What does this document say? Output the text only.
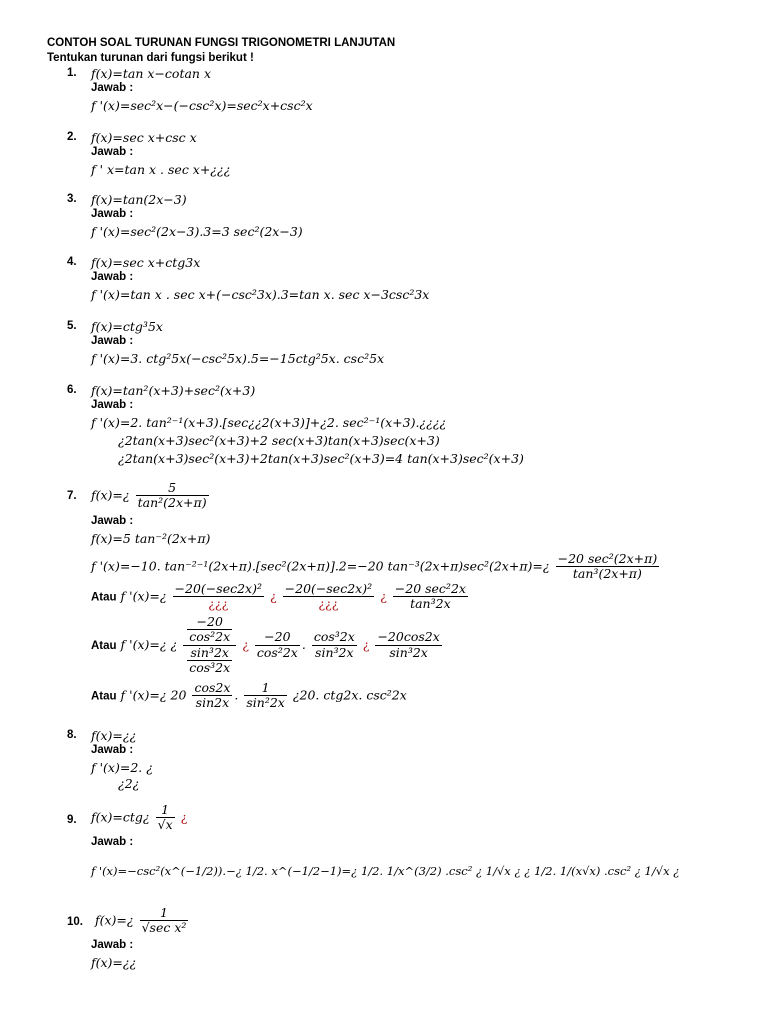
CONTOH SOAL TURUNAN FUNGSI TRIGONOMETRI LANJUTAN
Tentukan turunan dari fungsi berikut !
1. f(x)=tan x−cotan x
Jawab :
f '(x)=sec²x−(−csc²x)=sec²x+csc²x
2. f(x)=sec x+csc x
Jawab :
f ' x=tan x . sec x+¿¿¿
3. f(x)=tan(2x−3)
Jawab :
f '(x)=sec²(2x−3).3=3 sec²(2x−3)
4. f(x)=sec x+ctg3x
Jawab :
f '(x)=tan x . sec x+(−csc²3x).3=tan x. sec x−3csc²3x
5. f(x)=ctg³5x
Jawab :
f '(x)=3. ctg²5x(−csc²5x).5=−15ctg²5x. csc²5x
6. f(x)=tan²(x+3)+sec²(x+3)
Jawab :
f '(x)=2. tan²⁻¹(x+3).[sec¿¿2(x+3)]+¿2. sec²⁻¹(x+3).¿¿¿¿
¿2tan(x+3)sec²(x+3)+2 sec(x+3)tan(x+3)sec(x+3)
¿2tan(x+3)sec²(x+3)+2tan(x+3)sec²(x+3)=4 tan(x+3)sec²(x+3)
7. f(x)=¿ $\frac{5}{\text{tan²(2x+π)}}$
Jawab :
f(x)=5 tan⁻²(2x+π)
f '(x)=−10. tan⁻²⁻¹(2x+π).[sec²(2x+π)].2=−20 tan⁻³(2x+π)sec²(2x+π)=¿ $\frac{\text{−20 sec²(2x+π)}}{\text{tan³(2x+π)}}$
Atau f '(x)=¿ $\frac{\text{−20(−sec2x)²}}{¿¿¿}$ ¿ $\frac{\text{−20(−sec2x)²}}{¿¿¿}$ ¿ $\frac{\text{−20 sec²2x}}{\text{tan³2x}}$
Atau f '(x)=¿ ¿ $\frac{\frac{-20}{\text{cos²2x}}}{\frac{\text{sin³2x}}{\text{cos³2x}}}$ ¿ $\frac{-20}{\text{cos²2x}}$ . $\frac{\text{cos³2x}}{\text{sin³2x}}$ ¿ $\frac{-20\cos 2x}{\text{sin³2x}}$
Atau f '(x)=¿ $20 \frac{\cos 2x}{\sin 2x}$ . $\frac{1}{\text{sin²2x}}$ ¿20. ctg2x. csc²2x
8. f(x)=¿¿
Jawab :
f '(x)=2. ¿
¿2¿
9. f(x)=ctg¿ $\frac{1}{√x}$ ¿
Jawab :
f '(x)=−csc²(x^(−1/2)).−¿ 1/2. x^(−1/2−1)=¿ 1/2. 1/x^(3/2) .csc² ¿ 1/√x ¿ ¿ 1/2. 1/(x√x) .csc² ¿ 1/√x ¿
10. f(x)=¿ $\frac{1}{\text{√sec x²}}$
Jawab :
f(x)=¿¿
